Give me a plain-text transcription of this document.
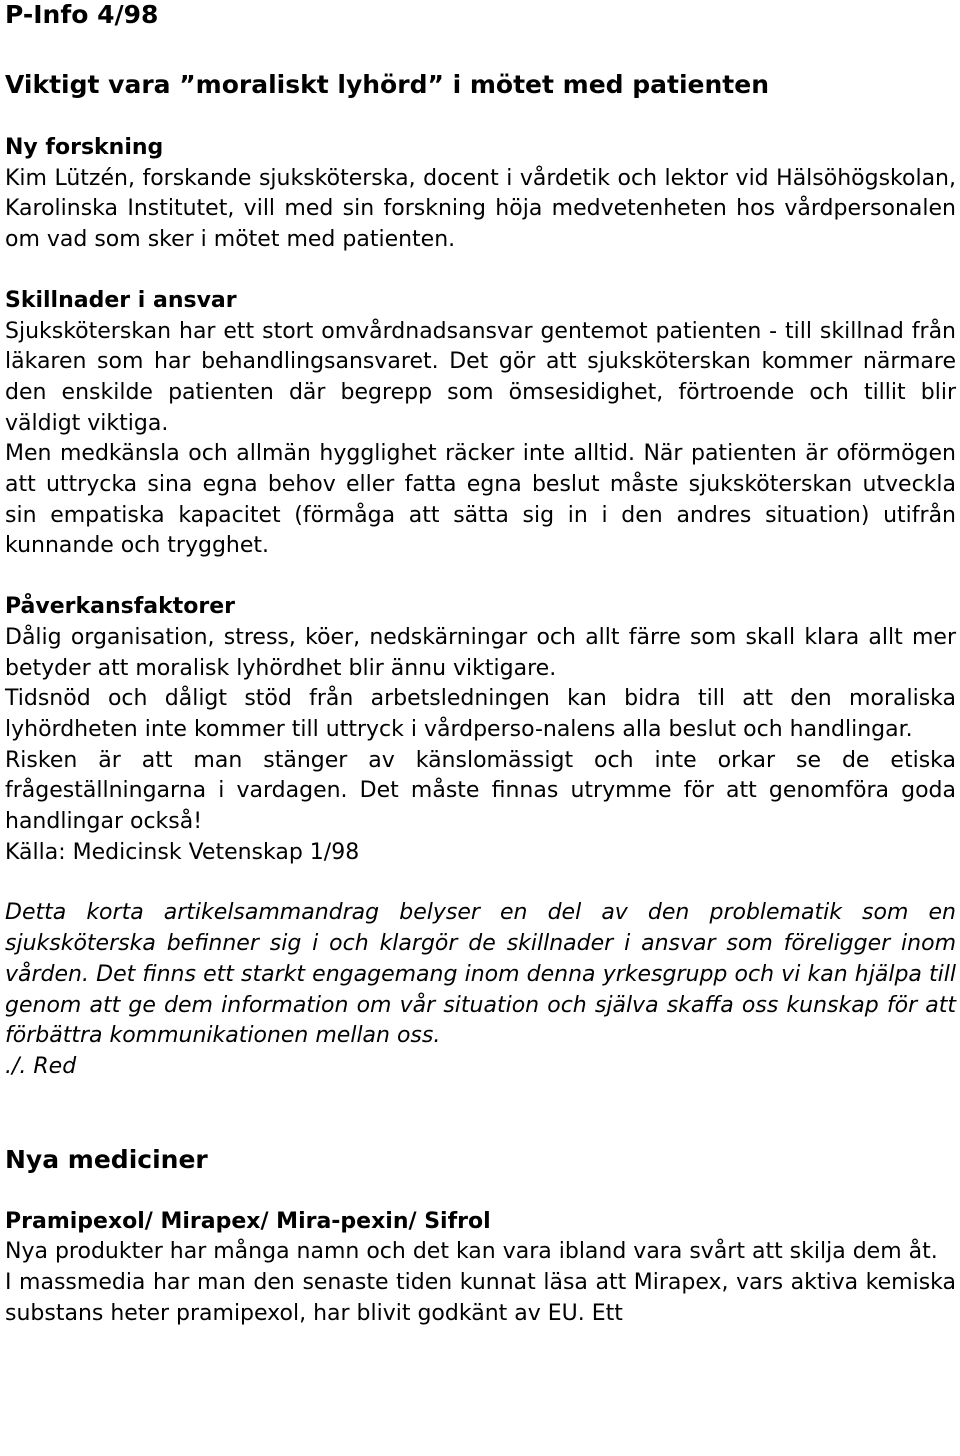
P-Info 4/98
Viktigt vara ”moraliskt lyhörd” i mötet med patienten
Ny forskning
Kim Lützén, forskande sjuksköterska, docent i vårdetik och lektor vid Hälsöhögskolan, Karolinska Institutet, vill med sin forskning höja medvetenheten hos vårdpersonalen om vad som sker i mötet med patienten.
Skillnader i ansvar
Sjuksköterskan har ett stort omvårdnadsansvar gentemot patienten - till skillnad från läkaren som har behandlingsansvaret. Det gör att sjuksköterskan kommer närmare den enskilde patienten där begrepp som ömsesidighet, förtroende och tillit blir väldigt viktiga.
Men medkänsla och allmän hygglighet räcker inte alltid. När patienten är oförmögen att uttrycka sina egna behov eller fatta egna beslut måste sjuksköterskan utveckla sin empatiska kapacitet (förmåga att sätta sig in i den andres situation) utifrån kunnande och trygghet.
Påverkansfaktorer
Dålig organisation, stress, köer, nedskärningar och allt färre som skall klara allt mer betyder att moralisk lyhördhet blir ännu viktigare.
Tidsnöd och dåligt stöd från arbetsledningen kan bidra till att den moraliska lyhördheten inte kommer till uttryck i vårdperso-nalens alla beslut och handlingar.
Risken är att man stänger av känslomässigt och inte orkar se de etiska frågeställningarna i vardagen. Det måste finnas utrymme för att genomföra goda handlingar också!
Källa: Medicinsk Vetenskap 1/98
Detta korta artikelsammandrag belyser en del av den problematik som en sjuksköterska befinner sig i och klargör de skillnader i ansvar som föreligger inom vården. Det finns ett starkt engagemang inom denna yrkesgrupp och vi kan hjälpa till genom att ge dem information om vår situation och själva skaffa oss kunskap för att förbättra kommunikationen mellan oss.
./. Red
Nya mediciner
Pramipexol/ Mirapex/ Mira-pexin/ Sifrol
Nya produkter har många namn och det kan vara ibland vara svårt att skilja dem åt.
I massmedia har man den senaste tiden kunnat läsa att Mirapex, vars aktiva kemiska substans heter pramipexol, har blivit godkänt av EU. Ett
